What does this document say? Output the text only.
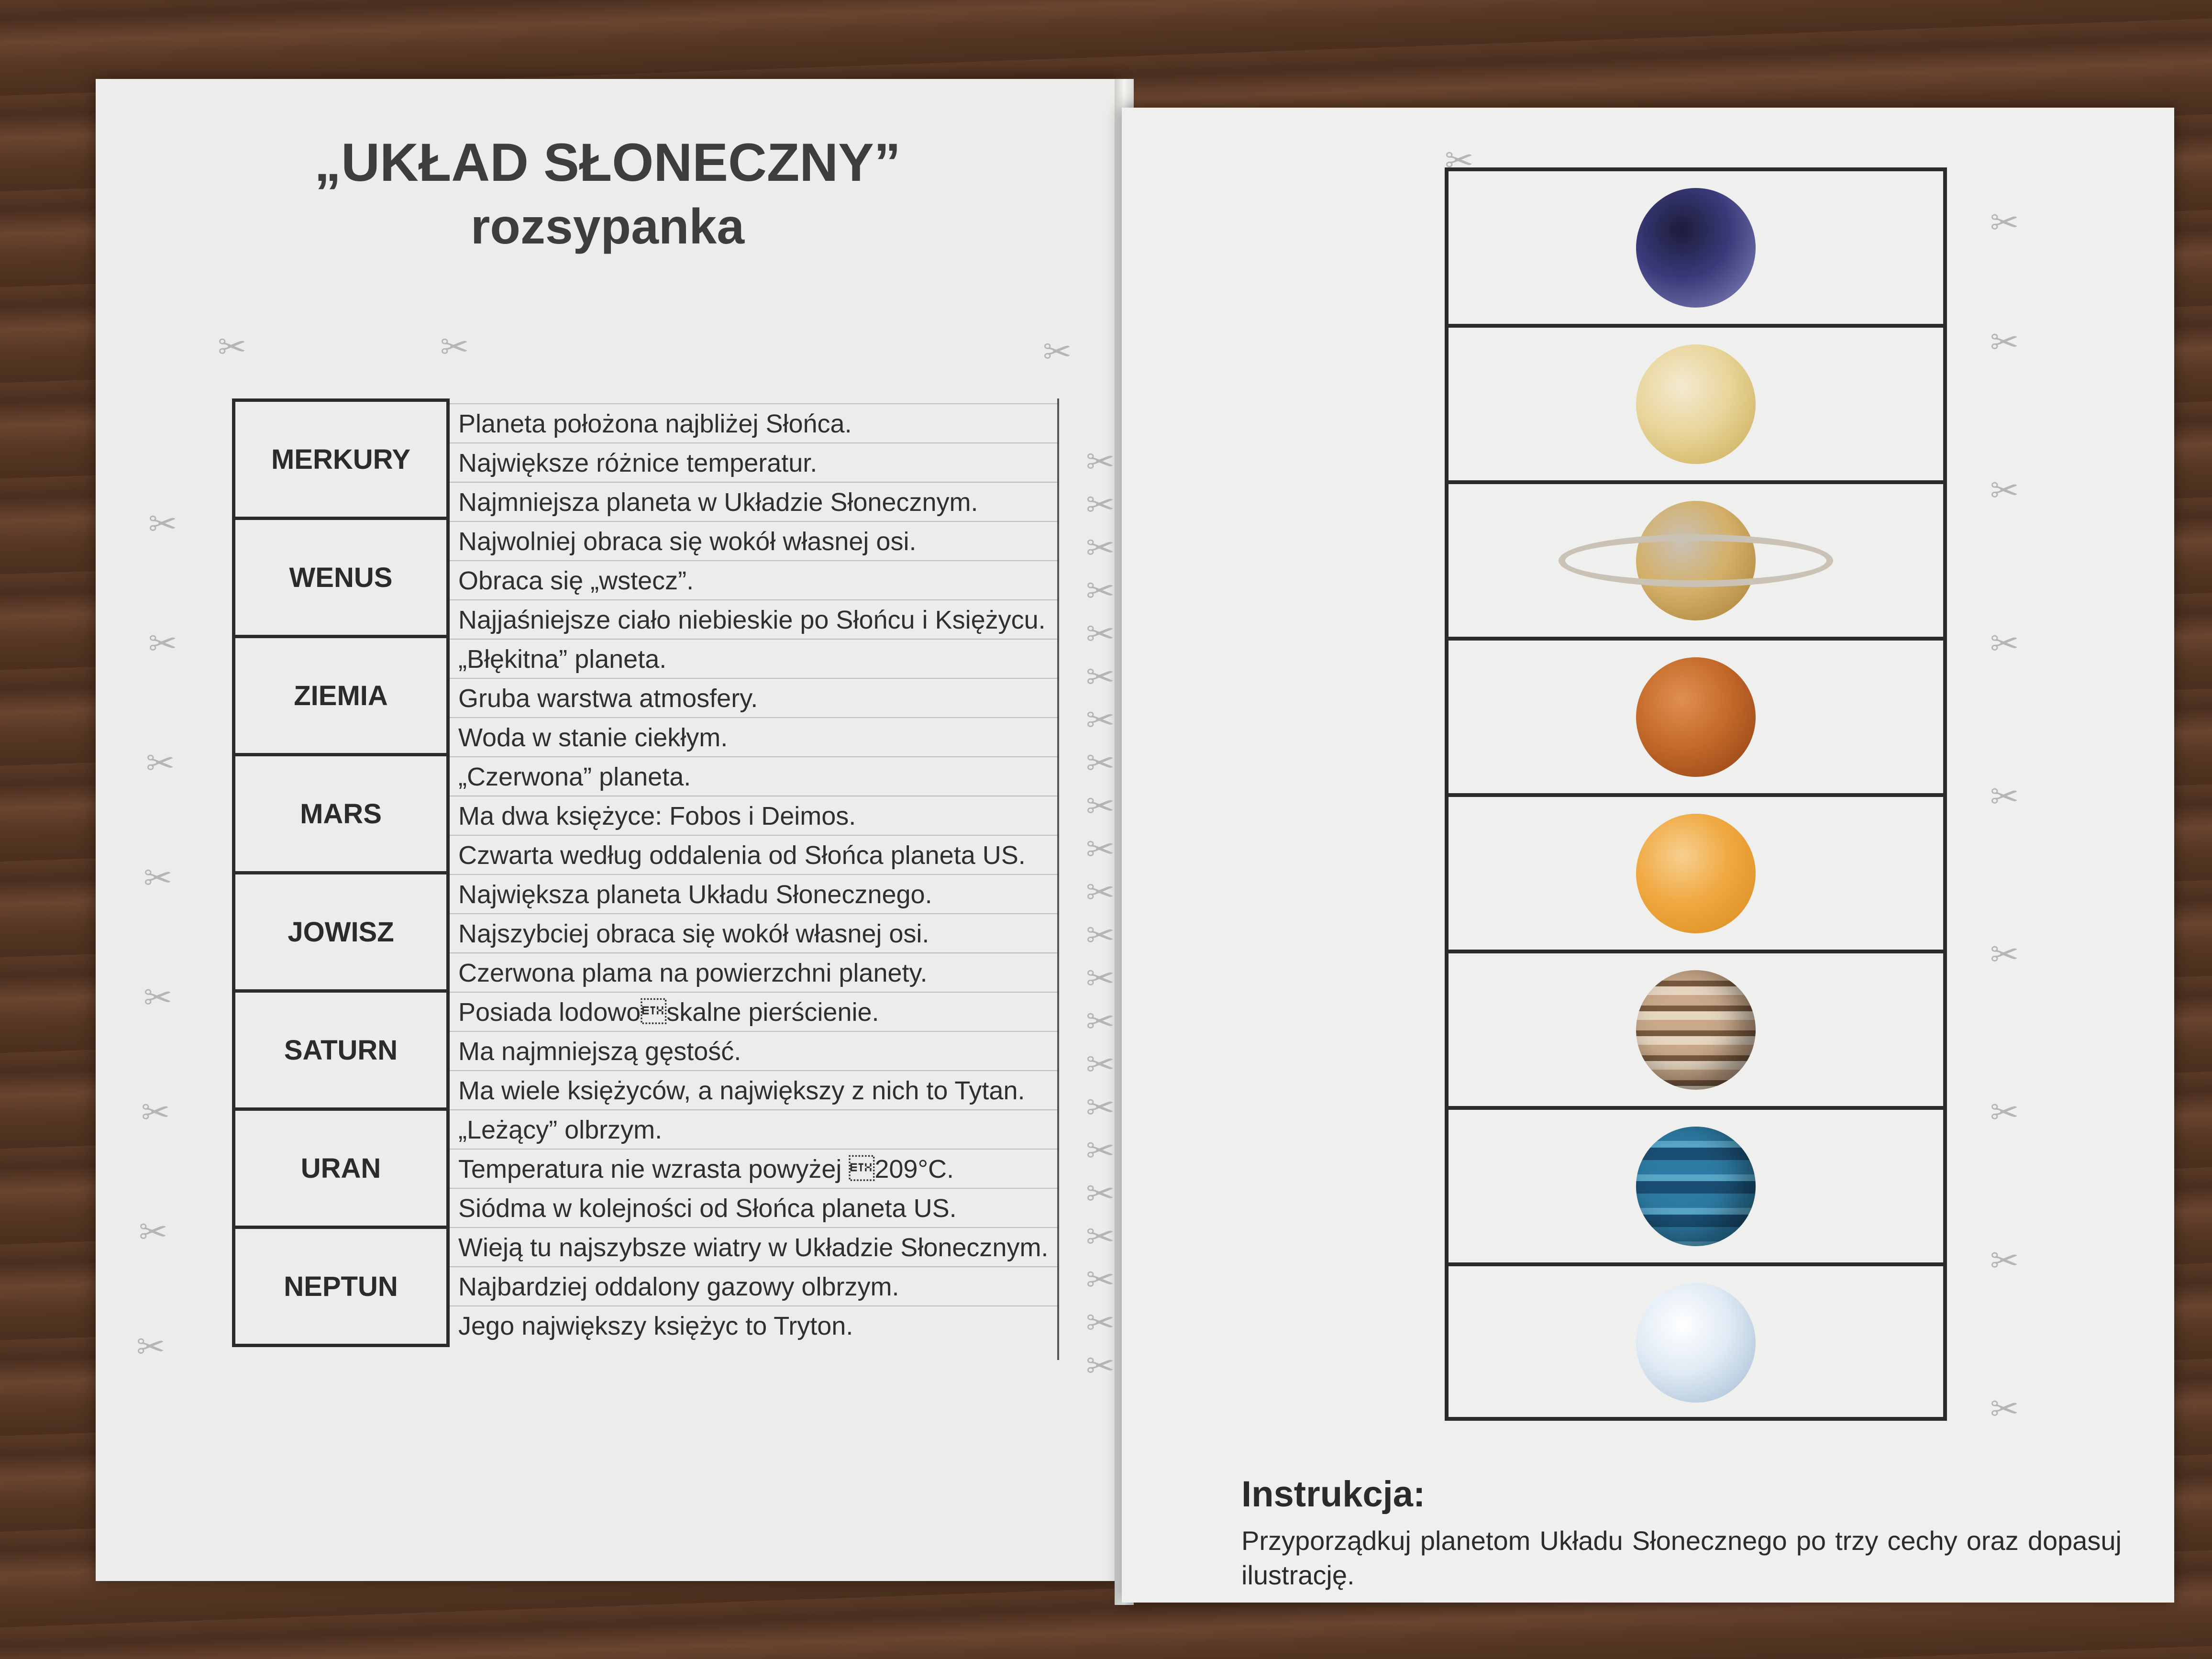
„UKŁAD SŁONECZNY”
rozsypanka
MERKURY
WENUS
ZIEMIA
MARS
JOWISZ
SATURN
URAN
NEPTUN
Planeta położona najbliżej Słońca.
Największe różnice temperatur.
Najmniejsza planeta w Układzie Słonecznym.
Najwolniej obraca się wokół własnej osi.
Obraca się „wstecz”.
Najjaśniejsze ciało niebieskie po Słońcu i Księżycu.
„Błękitna” planeta.
Gruba warstwa atmosfery.
Woda w stanie ciekłym.
„Czerwona” planeta.
Ma dwa księżyce: Fobos i Deimos.
Czwarta według oddalenia od Słońca planeta US.
Największa planeta Układu Słonecznego.
Najszybciej obraca się wokół własnej osi.
Czerwona plama na powierzchni planety.
Posiada lodowoskalne pierścienie.
Ma najmniejszą gęstość.
Ma wiele księżyców, a największy z nich to Tytan.
„Leżący” olbrzym.
Temperatura nie wzrasta powyżej 209°C.
Siódma w kolejności od Słońca planeta US.
Wieją tu najszybsze wiatry w Układzie Słonecznym.
Najbardziej oddalony gazowy olbrzym.
Jego największy księżyc to Tryton.
Instrukcja:
Przyporządkuj planetom Układu Słonecznego po trzy cechy oraz dopasuj ilustrację.
✂	✂	✂
✂
✂
✂
✂
✂
✂
✂
✂
✂
✂
✂
✂
✂
✂
✂
✂
✂
✂
✂
✂
✂
✂
✂
✂
✂
✂
✂
✂
✂
✂
✂
✂
✂
✂
✂
✂
✂
✂
✂
✂
